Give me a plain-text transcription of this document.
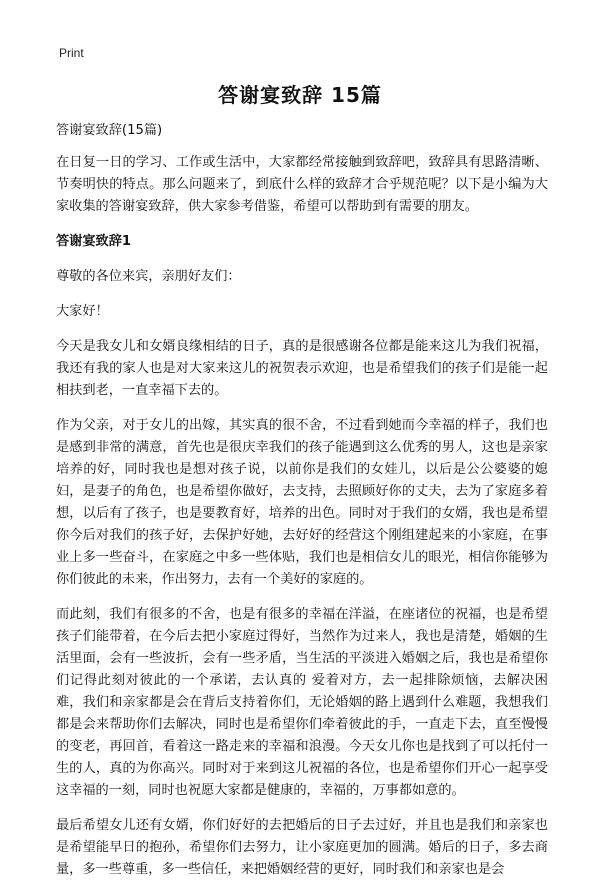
Print
答谢宴致辞 15篇

答谢宴致辞(15篇)

在日复一日的学习、工作或生活中，大家都经常接触到致辞吧，致辞具有思路清晰、节奏明快的特点。那么问题来了，到底什么样的致辞才合乎规范呢？以下是小编为大家收集的答谢宴致辞，供大家参考借鉴，希望可以帮助到有需要的朋友。

答谢宴致辞1

尊敬的各位来宾，亲朋好友们：

大家好！

今天是我女儿和女婿良缘相结的日子，真的是很感谢各位都是能来这儿为我们祝福，我还有我的家人也是对大家来这儿的祝贺表示欢迎，也是希望我们的孩子们是能一起相扶到老，一直幸福下去的。

作为父亲，对于女儿的出嫁，其实真的很不舍，不过看到她而今幸福的样子，我们也是感到非常的满意，首先也是很庆幸我们的孩子能遇到这么优秀的男人，这也是亲家培养的好，同时我也是想对孩子说，以前你是我们的女娃儿，以后是公公婆婆的媳妇，是妻子的角色，也是希望你做好，去支持，去照顾好你的丈夫，去为了家庭多着想，以后有了孩子，也是要教育好，培养的出色。同时对于我们的女婿，我也是希望你今后对我们的孩子好，去保护好她，去好好的经营这个刚组建起来的小家庭，在事业上多一些奋斗，在家庭之中多一些体贴，我们也是相信女儿的眼光，相信你能够为你们彼此的未来，作出努力，去有一个美好的家庭的。

而此刻，我们有很多的不舍，也是有很多的幸福在洋溢，在座诸位的祝福，也是希望孩子们能带着，在今后去把小家庭过得好，当然作为过来人，我也是清楚，婚姻的生活里面，会有一些波折，会有一些矛盾，当生活的平淡进入婚姻之后，我也是希望你们记得此刻对彼此的一个承诺，去认真的 爱着对方，去一起排除烦恼，去解决困难，我们和亲家都是会在背后支持着你们，无论婚姻的路上遇到什么难题，我想我们都是会来帮助你们去解决，同时也是希望你们牵着彼此的手，一直走下去，直至慢慢的变老，再回首，看着这一路走来的幸福和浪漫。今天女儿你也是找到了可以托付一生的人，真的为你高兴。同时对于来到这儿祝福的各位，也是希望你们开心一起享受这幸福的一刻，同时也祝愿大家都是健康的，幸福的，万事都如意的。

最后希望女儿还有女婿，你们好好的去把婚后的日子去过好，并且也是我们和亲家也是希望能早日的抱孙，希望你们去努力，让小家庭更加的圆满。婚后的日子，多去商量，多一些尊重，多一些信任，来把婚姻经营的更好，同时我们和亲家也是会
